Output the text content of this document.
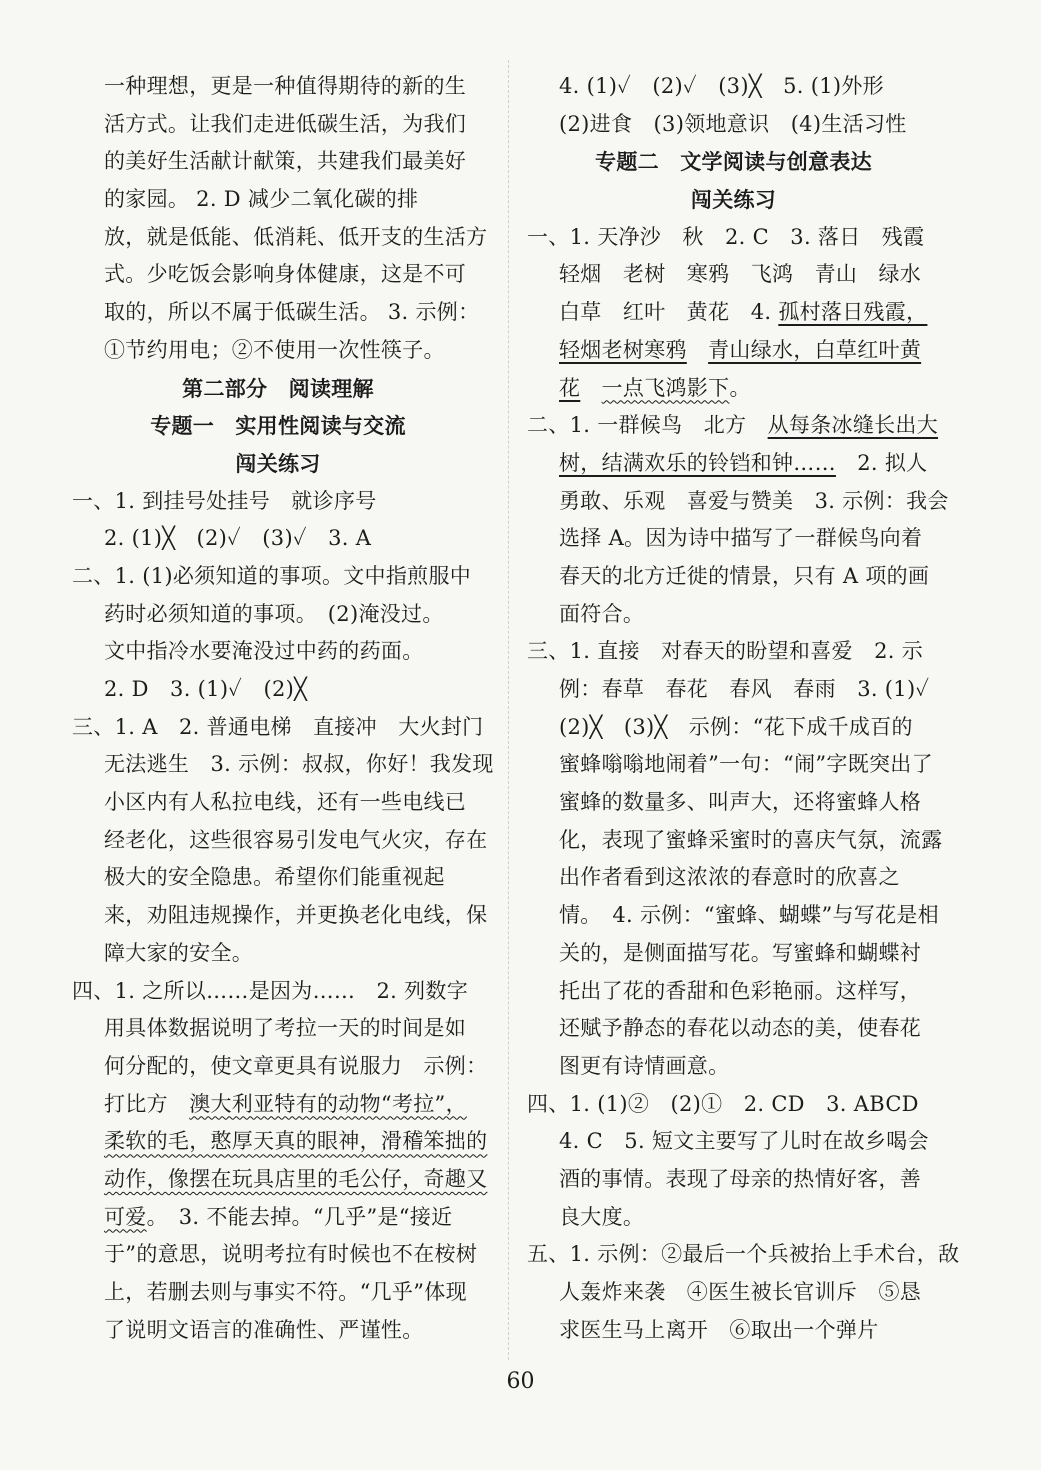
一种理想，更是一种值得期待的新的生
活方式。让我们走进低碳生活，为我们
的美好生活献计献策，共建我们最美好
的家园。 2. D 减少二氧化碳的排
放，就是低能、低消耗、低开支的生活方
式。少吃饭会影响身体健康，这是不可
取的，所以不属于低碳生活。 3. 示例：
①节约用电；②不使用一次性筷子。
第二部分　阅读理解
专题一　实用性阅读与交流
闯关练习
一、1. 到挂号处挂号　就诊序号
2. (1)╳　(2)✓　(3)✓　3. A
二、1. (1)必须知道的事项。文中指煎服中
药时必须知道的事项。　(2)淹没过。
文中指冷水要淹没过中药的药面。
2. D　3. (1)✓　(2)╳
三、1. A　2. 普通电梯　直接冲　大火封门
无法逃生　3. 示例：叔叔，你好！我发现
小区内有人私拉电线，还有一些电线已
经老化，这些很容易引发电气火灾，存在
极大的安全隐患。希望你们能重视起
来，劝阻违规操作，并更换老化电线，保
障大家的安全。
四、1. 之所以……是因为……　2. 列数字
用具体数据说明了考拉一天的时间是如
何分配的，使文章更具有说服力　示例：
打比方　澳大利亚特有的动物“考拉”，
柔软的毛，憨厚天真的眼神，滑稽笨拙的
动作，像摆在玩具店里的毛公仔，奇趣又
可爱。　3. 不能去掉。“几乎”是“接近
于”的意思，说明考拉有时候也不在桉树
上，若删去则与事实不符。“几乎”体现
了说明文语言的准确性、严谨性。
4. (1)✓　(2)✓　(3)╳　5. (1)外形
(2)进食　(3)领地意识　(4)生活习性
专题二　文学阅读与创意表达
闯关练习
一、1. 天净沙　秋　2. C　3. 落日　残霞
轻烟　老树　寒鸦　飞鸿　青山　绿水
白草　红叶　黄花　4. 孤村落日残霞，
轻烟老树寒鸦　 青山绿水，白草红叶黄
花　 一点飞鸿影下。
二、1. 一群候鸟　北方　从每条冰缝长出大
树，结满欢乐的铃铛和钟……　2. 拟人
勇敢、乐观　喜爱与赞美　3. 示例：我会
选择 A。因为诗中描写了一群候鸟向着
春天的北方迁徙的情景，只有 A 项的画
面符合。
三、1. 直接　对春天的盼望和喜爱　2. 示
例：春草　春花　春风　春雨　3. (1)✓
(2)╳　(3)╳　示例：“花下成千成百的
蜜蜂嗡嗡地闹着”一句：“闹”字既突出了
蜜蜂的数量多、叫声大，还将蜜蜂人格
化，表现了蜜蜂采蜜时的喜庆气氛，流露
出作者看到这浓浓的春意时的欣喜之
情。　4. 示例：“蜜蜂、蝴蝶”与写花是相
关的，是侧面描写花。写蜜蜂和蝴蝶衬
托出了花的香甜和色彩艳丽。这样写，
还赋予静态的春花以动态的美，使春花
图更有诗情画意。
四、1. (1)②　(2)①　2. CD　3. ABCD
4. C　5. 短文主要写了儿时在故乡喝会
酒的事情。表现了母亲的热情好客，善
良大度。
五、1. 示例：②最后一个兵被抬上手术台，敌
人轰炸来袭　④医生被长官训斥　⑤恳
求医生马上离开　⑥取出一个弹片
60
